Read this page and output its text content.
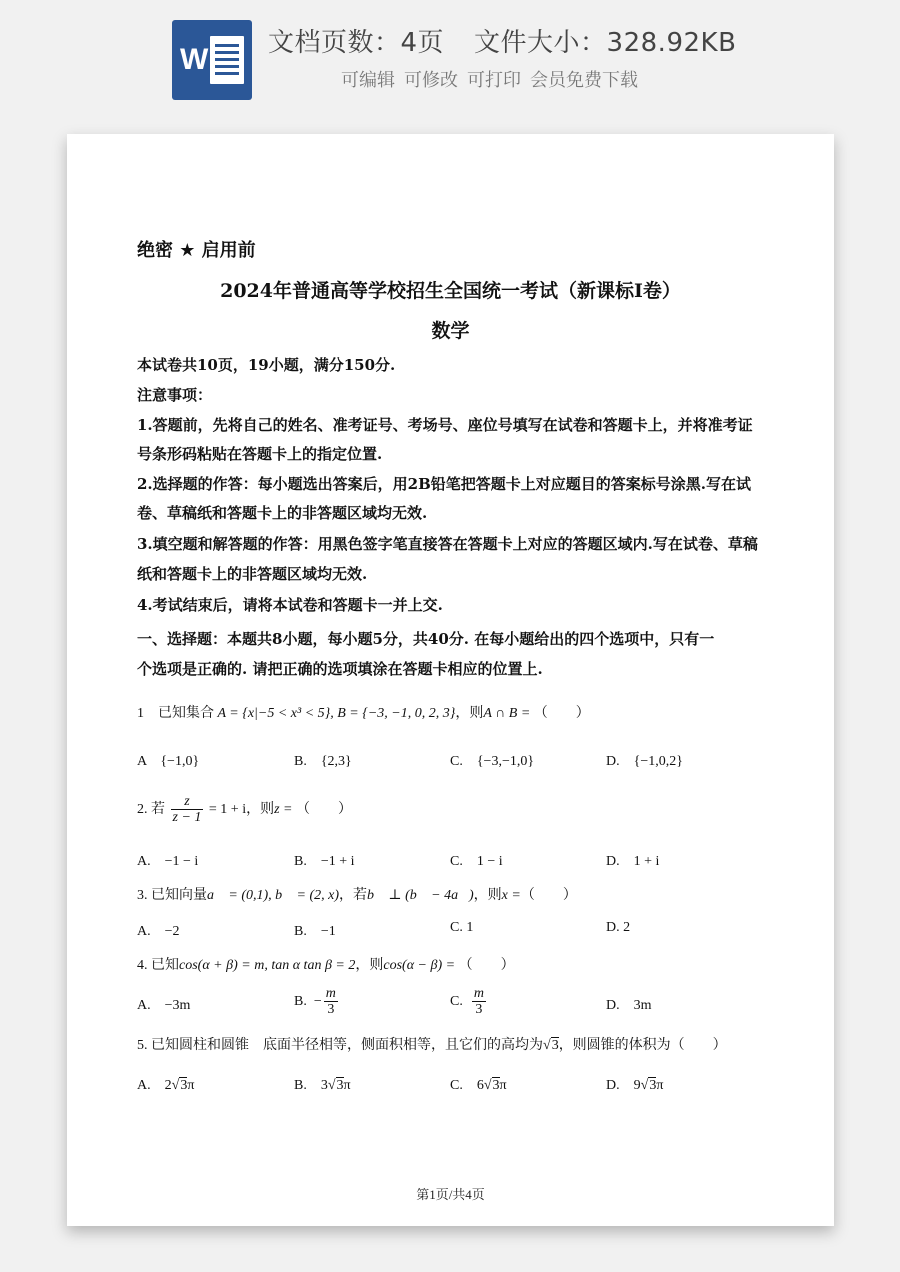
W 文档页数：4页 文件大小：328.92KB
可编辑 可修改 可打印 会员免费下载
绝密 ★ 启用前
2024年普通高等学校招生全国统一考试（新课标I卷）
数学
本试卷共10页，19小题，满分150分.
注意事项：
1.答题前，先将自己的姓名、准考证号、考场号、座位号填写在试卷和答题卡上，并将准考证
号条形码粘贴在答题卡上的指定位置.
2.选择题的作答：每小题选出答案后，用2B铅笔把答题卡上对应题目的答案标号涂黑.写在试
卷、草稿纸和答题卡上的非答题区域均无效.
3.填空题和解答题的作答：用黑色签字笔直接答在答题卡上对应的答题区域内.写在试卷、草稿
纸和答题卡上的非答题区域均无效.
4.考试结束后，请将本试卷和答题卡一并上交.
一、选择题：本题共8小题，每小题5分，共40分. 在每小题给出的四个选项中，只有一
个选项是正确的. 请把正确的选项填涂在答题卡相应的位置上.
1　已知集合 A = {x|−5 < x³ < 5}, B = {−3, −1, 0, 2, 3}，则A ∩ B = （　　）
A　{−1,0}	B.　{2,3}	C.　{−3,−1,0}	D.　{−1,0,2}
2. 若 $\frac{z}{z - 1} = 1 + i$，则z = （　　）
A.　−1 − i	B.　−1 + i	C.　1 − i	D.　1 + i
3. 已知向量a⃗ = (0,1), b⃗ = (2, x)，若b⃗ ⊥ (b⃗ − 4a⃗)，则x =（　　）
A.　−2	B.　−1	C. 1	D. 2
4. 已知cos(α + β) = m, tan α tan β = 2，则cos(α − β) = （　　）
A.　−3m	B. − $\frac{m}{3}$	C. $\frac{m}{3}$	D.　3m
5. 已知圆柱和圆锥　底面半径相等，侧面积相等，且它们的高均为√3，则圆锥的体积为（　　）
A.　2√3π	B.　3√3π	C.　6√3π	D.　9√3π
第1页/共4页
